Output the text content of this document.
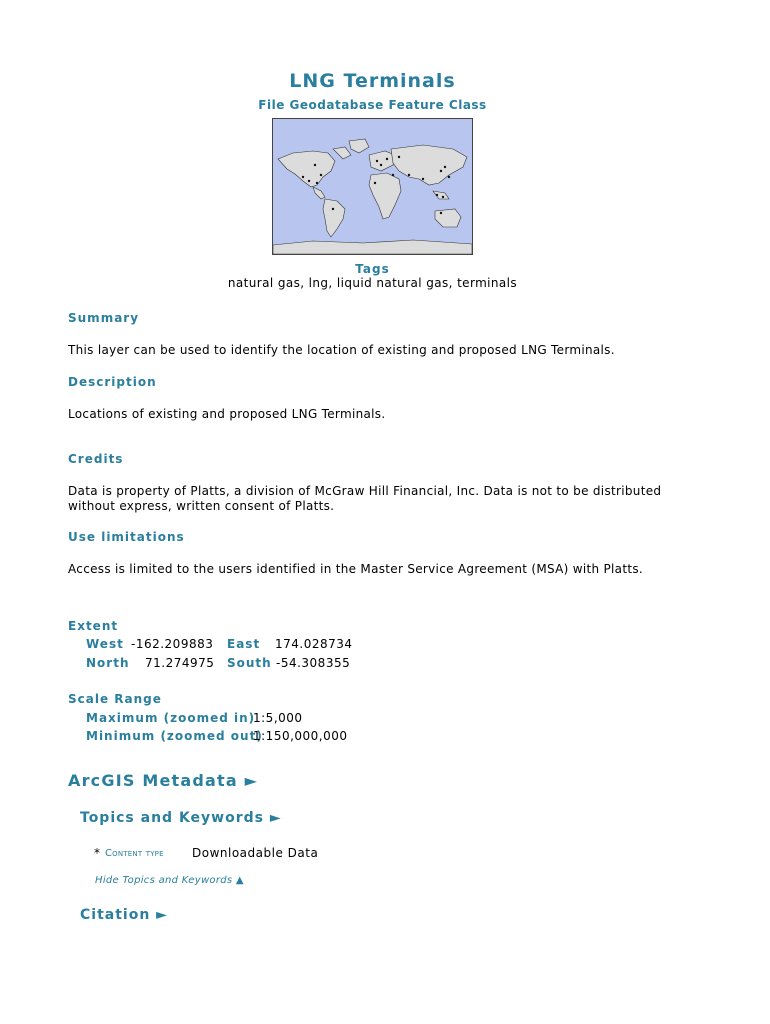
LNG Terminals
File Geodatabase Feature Class
Tags
natural gas, lng, liquid natural gas, terminals
Summary
This layer can be used to identify the location of existing and proposed LNG Terminals.
Description
Locations of existing and proposed LNG Terminals.
Credits
Data is property of Platts, a division of McGraw Hill Financial, Inc. Data is not to be distributed
without express, written consent of Platts.
Use limitations
Access is limited to the users identified in the Master Service Agreement (MSA) with Platts.
Extent
West -162.209883 East 174.028734
North 71.274975 South -54.308355
Scale Range
Maximum (zoomed in)
1:5,000
Minimum (zoomed out)
1:150,000,000
ArcGIS Metadata ►
Topics and Keywords ►
* Content type Downloadable Data
Hide Topics and Keywords ▲
Citation ►
